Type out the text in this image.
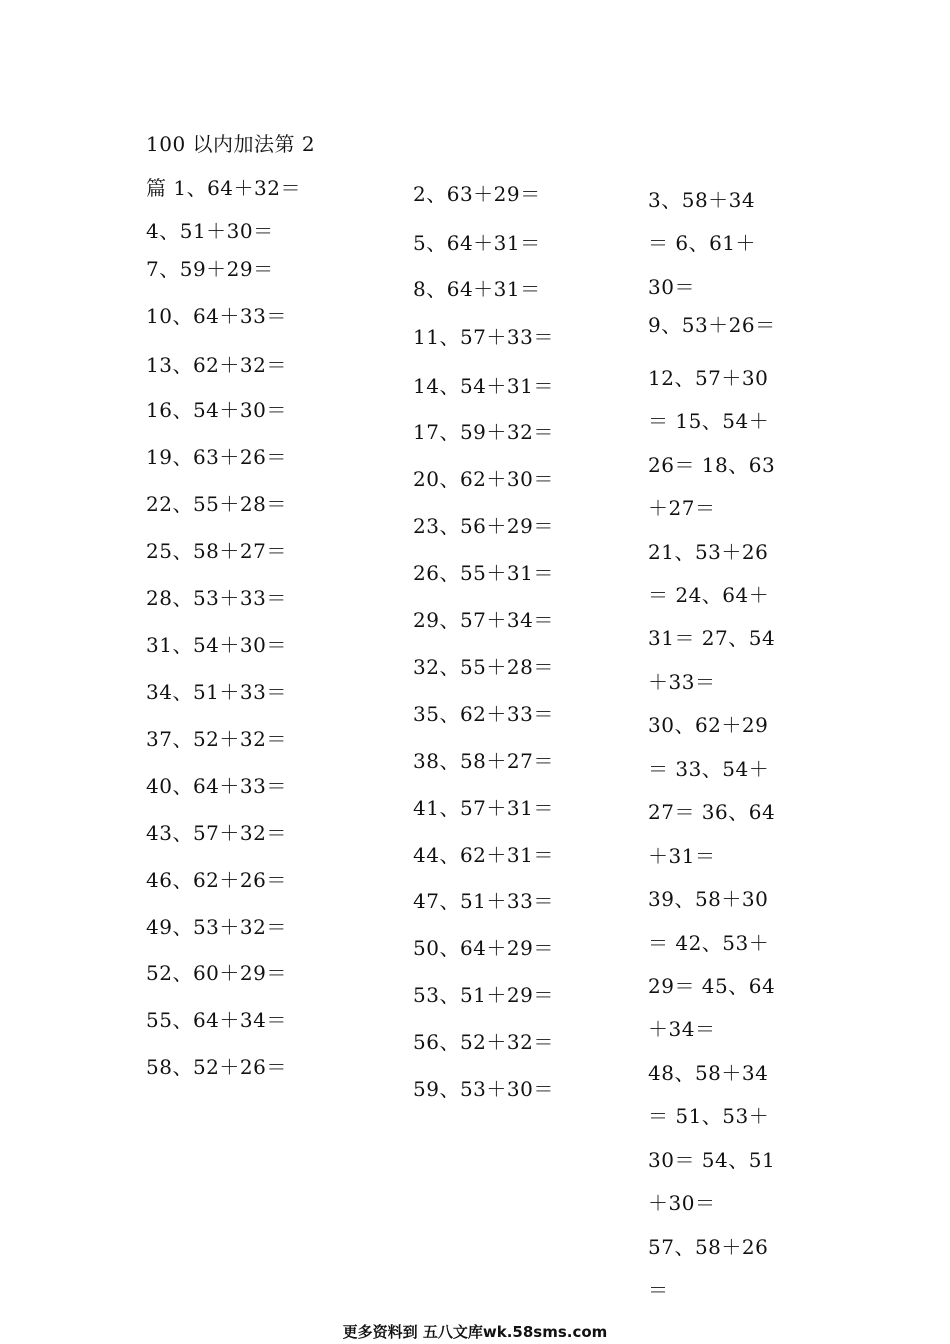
100 以内加法第 2
篇 1、64＋32＝
4、51＋30＝
7、59＋29＝
10、64＋33＝
13、62＋32＝
16、54＋30＝
19、63＋26＝
22、55＋28＝
25、58＋27＝
28、53＋33＝
31、54＋30＝
34、51＋33＝
37、52＋32＝
40、64＋33＝
43、57＋32＝
46、62＋26＝
49、53＋32＝
52、60＋29＝
55、64＋34＝
58、52＋26＝
2、63＋29＝
5、64＋31＝
8、64＋31＝
11、57＋33＝
14、54＋31＝
17、59＋32＝
20、62＋30＝
23、56＋29＝
26、55＋31＝
29、57＋34＝
32、55＋28＝
35、62＋33＝
38、58＋27＝
41、57＋31＝
44、62＋31＝
47、51＋33＝
50、64＋29＝
53、51＋29＝
56、52＋32＝
59、53＋30＝
3、58＋34
＝ 6、61＋
30＝
9、53＋26＝
12、57＋30
＝ 15、54＋
26＝ 18、63
＋27＝
21、53＋26
＝ 24、64＋
31＝ 27、54
＋33＝
30、62＋29
＝ 33、54＋
27＝ 36、64
＋31＝
39、58＋30
＝ 42、53＋
29＝ 45、64
＋34＝
48、58＋34
＝ 51、53＋
30＝ 54、51
＋30＝
57、58＋26
＝
更多资料到 五八文库wk.58sms.com
